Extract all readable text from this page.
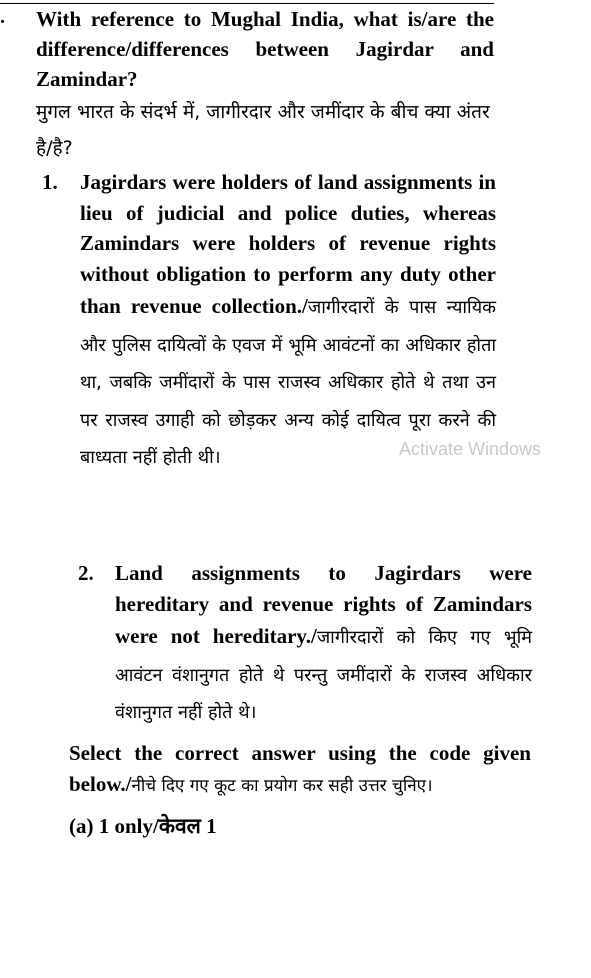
. With reference to Mughal India, what is/are the difference/differences between Jagirdar and Zamindar?
मुगल भारत के संदर्भ में, जागीरदार और जमींदार के बीच क्या अंतर है/है?
1. Jagirdars were holders of land assignments in lieu of judicial and police duties, whereas Zamindars were holders of revenue rights without obligation to perform any duty other than revenue collection./जागीरदारों के पास न्यायिक और पुलिस दायित्वों के एवज में भूमि आवंटनों का अधिकार होता था, जबकि जमींदारों के पास राजस्व अधिकार होते थे तथा उन पर राजस्व उगाही को छोड़कर अन्य कोई दायित्व पूरा करने की बाध्यता नहीं होती थी।
2. Land assignments to Jagirdars were hereditary and revenue rights of Zamindars were not hereditary./जागीरदारों को किए गए भूमि आवंटन वंशानुगत होते थे परन्तु जमींदारों के राजस्व अधिकार वंशानुगत नहीं होते थे।
Select the correct answer using the code given below./नीचे दिए गए कूट का प्रयोग कर सही उत्तर चुनिए।
(a) 1 only/केवल 1
Activate Windows
